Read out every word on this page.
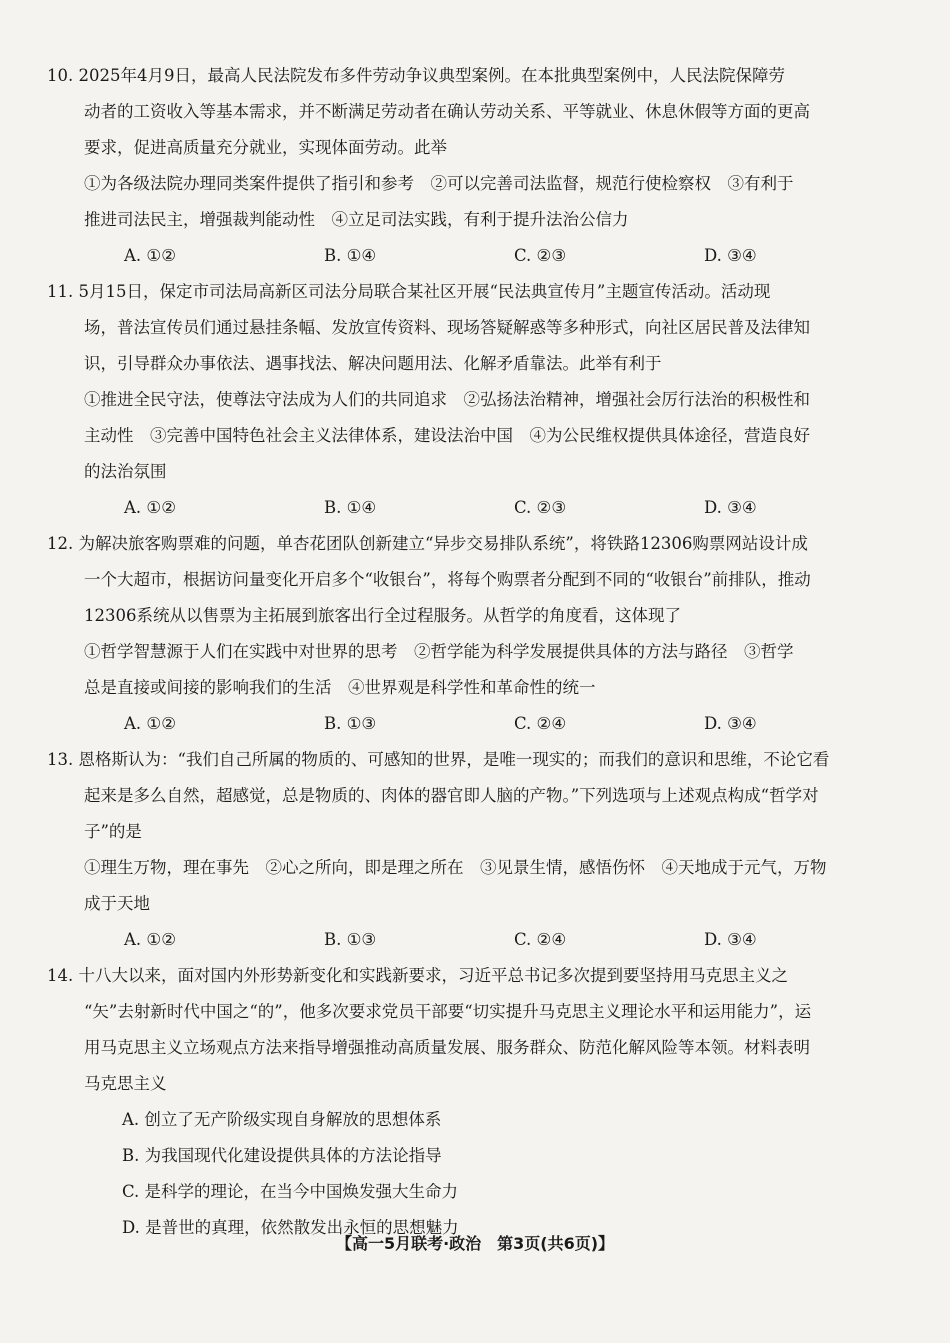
10. 2025年4月9日，最高人民法院发布多件劳动争议典型案例。在本批典型案例中，人民法院保障劳
动者的工资收入等基本需求，并不断满足劳动者在确认劳动关系、平等就业、休息休假等方面的更高
要求，促进高质量充分就业，实现体面劳动。此举
①为各级法院办理同类案件提供了指引和参考　②可以完善司法监督，规范行使检察权　③有利于
推进司法民主，增强裁判能动性　④立足司法实践，有利于提升法治公信力
A. ①②	B. ①④	C. ②③	D. ③④
11. 5月15日，保定市司法局高新区司法分局联合某社区开展“民法典宣传月”主题宣传活动。活动现
场，普法宣传员们通过悬挂条幅、发放宣传资料、现场答疑解惑等多种形式，向社区居民普及法律知
识，引导群众办事依法、遇事找法、解决问题用法、化解矛盾靠法。此举有利于
①推进全民守法，使尊法守法成为人们的共同追求　②弘扬法治精神，增强社会厉行法治的积极性和
主动性　③完善中国特色社会主义法律体系，建设法治中国　④为公民维权提供具体途径，营造良好
的法治氛围
A. ①②	B. ①④	C. ②③	D. ③④
12. 为解决旅客购票难的问题，单杏花团队创新建立“异步交易排队系统”，将铁路12306购票网站设计成
一个大超市，根据访问量变化开启多个“收银台”，将每个购票者分配到不同的“收银台”前排队，推动
12306系统从以售票为主拓展到旅客出行全过程服务。从哲学的角度看，这体现了
①哲学智慧源于人们在实践中对世界的思考　②哲学能为科学发展提供具体的方法与路径　③哲学
总是直接或间接的影响我们的生活　④世界观是科学性和革命性的统一
A. ①②	B. ①③	C. ②④	D. ③④
13. 恩格斯认为：“我们自己所属的物质的、可感知的世界，是唯一现实的；而我们的意识和思维，不论它看
起来是多么自然，超感觉，总是物质的、肉体的器官即人脑的产物。”下列选项与上述观点构成“哲学对
子”的是
①理生万物，理在事先　②心之所向，即是理之所在　③见景生情，感悟伤怀　④天地成于元气，万物
成于天地
A. ①②	B. ①③	C. ②④	D. ③④
14. 十八大以来，面对国内外形势新变化和实践新要求，习近平总书记多次提到要坚持用马克思主义之
“矢”去射新时代中国之“的”，他多次要求党员干部要“切实提升马克思主义理论水平和运用能力”，运
用马克思主义立场观点方法来指导增强推动高质量发展、服务群众、防范化解风险等本领。材料表明
马克思主义
A. 创立了无产阶级实现自身解放的思想体系
B. 为我国现代化建设提供具体的方法论指导
C. 是科学的理论，在当今中国焕发强大生命力
D. 是普世的真理，依然散发出永恒的思想魅力
【高一5月联考·政治　第3页(共6页)】
